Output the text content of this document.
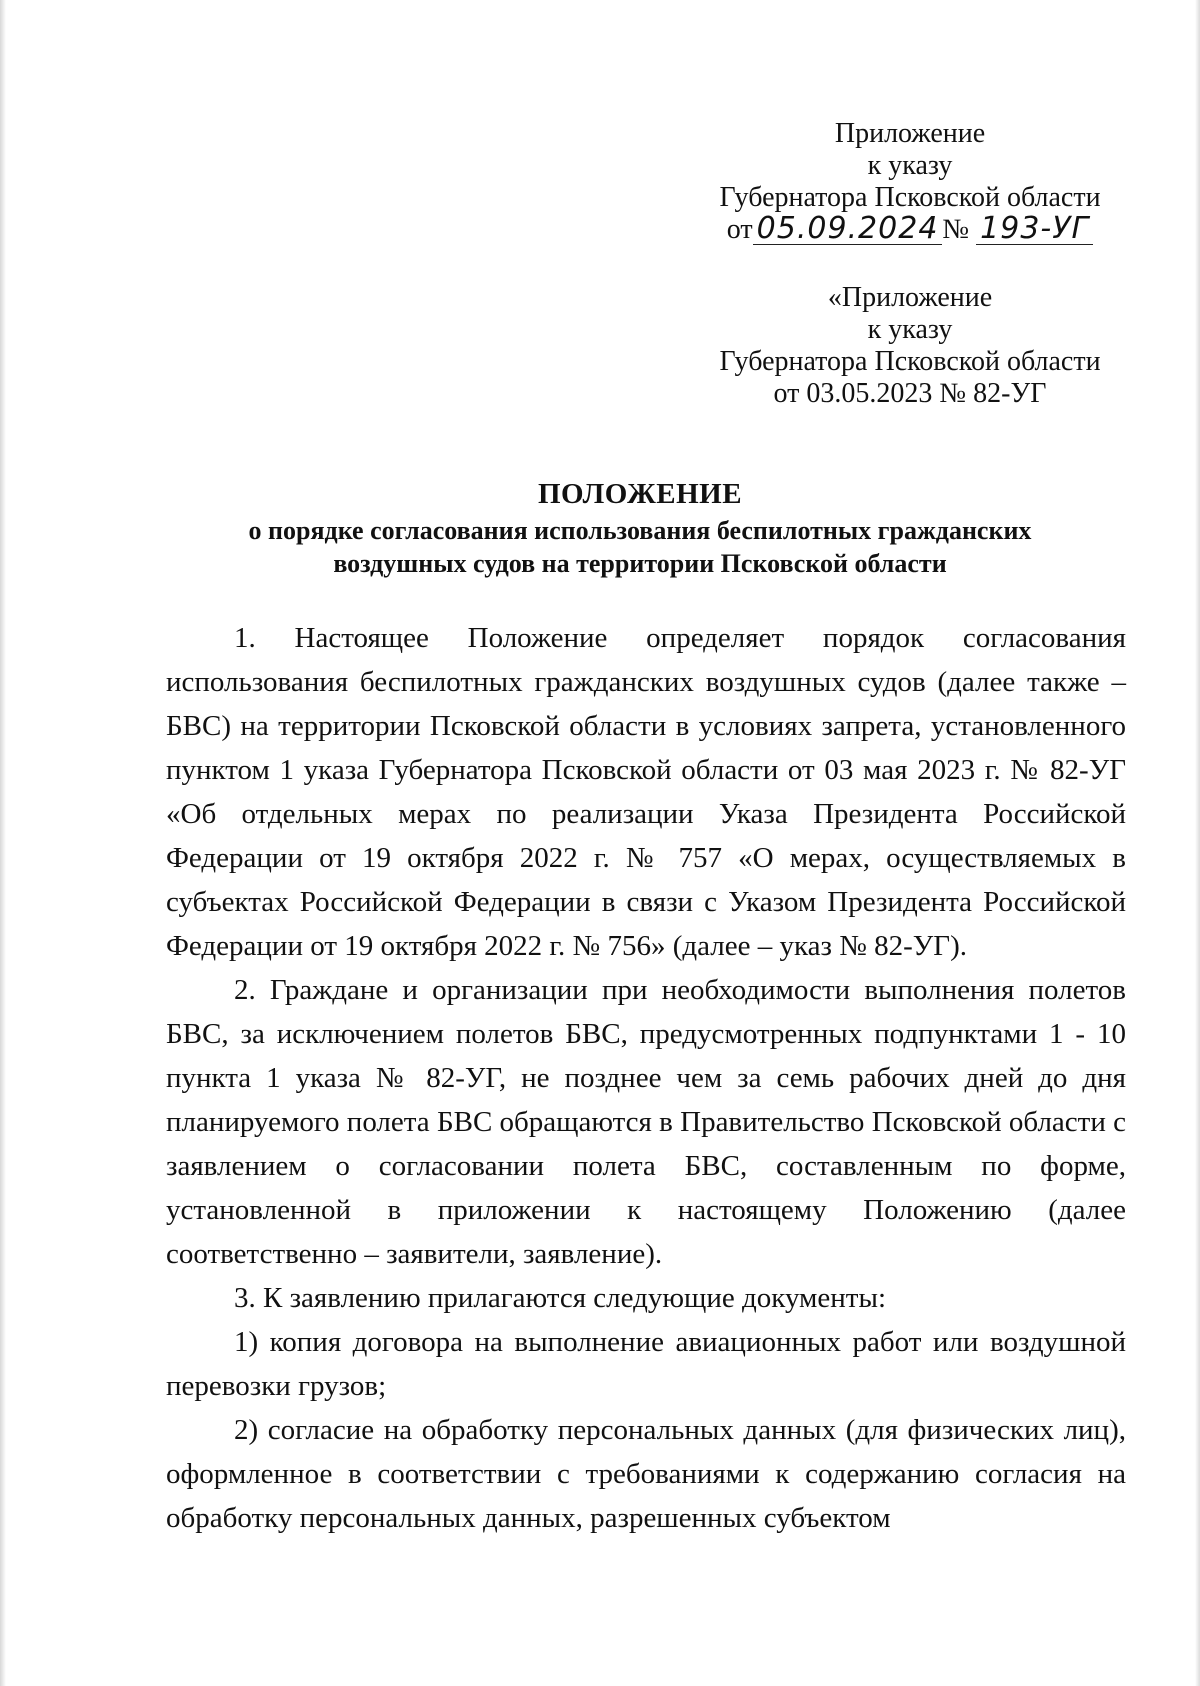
Приложение
к указу
Губернатора Псковской области
от 05.09.2024 № 193-УГ
«Приложение
к указу
Губернатора Псковской области
от 03.05.2023 № 82-УГ
ПОЛОЖЕНИЕ
о порядке согласования использования беспилотных гражданских
воздушных судов на территории Псковской области

1. Настоящее Положение определяет порядок согласования использования беспилотных гражданских воздушных судов (далее также – БВС) на территории Псковской области в условиях запрета, установленного пунктом 1 указа Губернатора Псковской области от 03 мая 2023 г. № 82-УГ «Об отдельных мерах по реализации Указа Президента Российской Федерации от 19 октября 2022 г. № 757 «О мерах, осуществляемых в субъектах Российской Федерации в связи с Указом Президента Российской Федерации от 19 октября 2022 г. № 756» (далее – указ № 82-УГ).

2. Граждане и организации при необходимости выполнения полетов БВС, за исключением полетов БВС, предусмотренных подпунктами 1 - 10 пункта 1 указа № 82-УГ, не позднее чем за семь рабочих дней до дня планируемого полета БВС обращаются в Правительство Псковской области с заявлением о согласовании полета БВС, составленным по форме, установленной в приложении к настоящему Положению (далее соответственно – заявители, заявление).

3. К заявлению прилагаются следующие документы:

1) копия договора на выполнение авиационных работ или воздушной перевозки грузов;

2) согласие на обработку персональных данных (для физических лиц), оформленное в соответствии с требованиями к содержанию согласия на обработку персональных данных, разрешенных субъектом
